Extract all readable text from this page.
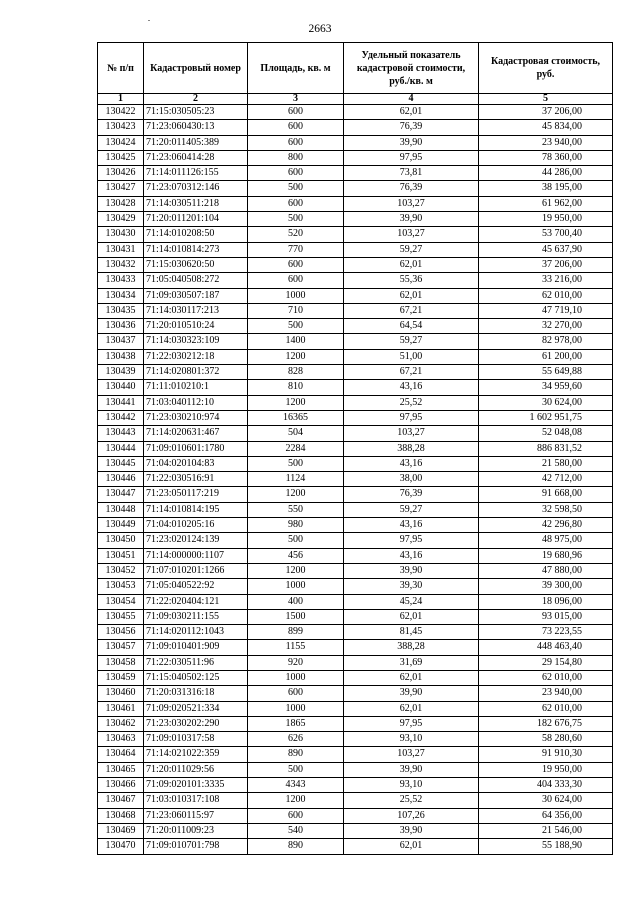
2663
№ п/п	Кадастровый номер	Площадь, кв. м	Удельный показатель кадастровой стоимости, руб./кв. м	Кадастровая стоимость, руб.
1	2	3	4	5
130422	71:15:030505:23	600	62,01	37 206,00
130423	71:23:060430:13	600	76,39	45 834,00
130424	71:20:011405:389	600	39,90	23 940,00
130425	71:23:060414:28	800	97,95	78 360,00
130426	71:14:011126:155	600	73,81	44 286,00
130427	71:23:070312:146	500	76,39	38 195,00
130428	71:14:030511:218	600	103,27	61 962,00
130429	71:20:011201:104	500	39,90	19 950,00
130430	71:14:010208:50	520	103,27	53 700,40
130431	71:14:010814:273	770	59,27	45 637,90
130432	71:15:030620:50	600	62,01	37 206,00
130433	71:05:040508:272	600	55,36	33 216,00
130434	71:09:030507:187	1000	62,01	62 010,00
130435	71:14:030117:213	710	67,21	47 719,10
130436	71:20:010510:24	500	64,54	32 270,00
130437	71:14:030323:109	1400	59,27	82 978,00
130438	71:22:030212:18	1200	51,00	61 200,00
130439	71:14:020801:372	828	67,21	55 649,88
130440	71:11:010210:1	810	43,16	34 959,60
130441	71:03:040112:10	1200	25,52	30 624,00
130442	71:23:030210:974	16365	97,95	1 602 951,75
130443	71:14:020631:467	504	103,27	52 048,08
130444	71:09:010601:1780	2284	388,28	886 831,52
130445	71:04:020104:83	500	43,16	21 580,00
130446	71:22:030516:91	1124	38,00	42 712,00
130447	71:23:050117:219	1200	76,39	91 668,00
130448	71:14:010814:195	550	59,27	32 598,50
130449	71:04:010205:16	980	43,16	42 296,80
130450	71:23:020124:139	500	97,95	48 975,00
130451	71:14:000000:1107	456	43,16	19 680,96
130452	71:07:010201:1266	1200	39,90	47 880,00
130453	71:05:040522:92	1000	39,30	39 300,00
130454	71:22:020404:121	400	45,24	18 096,00
130455	71:09:030211:155	1500	62,01	93 015,00
130456	71:14:020112:1043	899	81,45	73 223,55
130457	71:09:010401:909	1155	388,28	448 463,40
130458	71:22:030511:96	920	31,69	29 154,80
130459	71:15:040502:125	1000	62,01	62 010,00
130460	71:20:031316:18	600	39,90	23 940,00
130461	71:09:020521:334	1000	62,01	62 010,00
130462	71:23:030202:290	1865	97,95	182 676,75
130463	71:09:010317:58	626	93,10	58 280,60
130464	71:14:021022:359	890	103,27	91 910,30
130465	71:20:011029:56	500	39,90	19 950,00
130466	71:09:020101:3335	4343	93,10	404 333,30
130467	71:03:010317:108	1200	25,52	30 624,00
130468	71:23:060115:97	600	107,26	64 356,00
130469	71:20:011009:23	540	39,90	21 546,00
130470	71:09:010701:798	890	62,01	55 188,90
